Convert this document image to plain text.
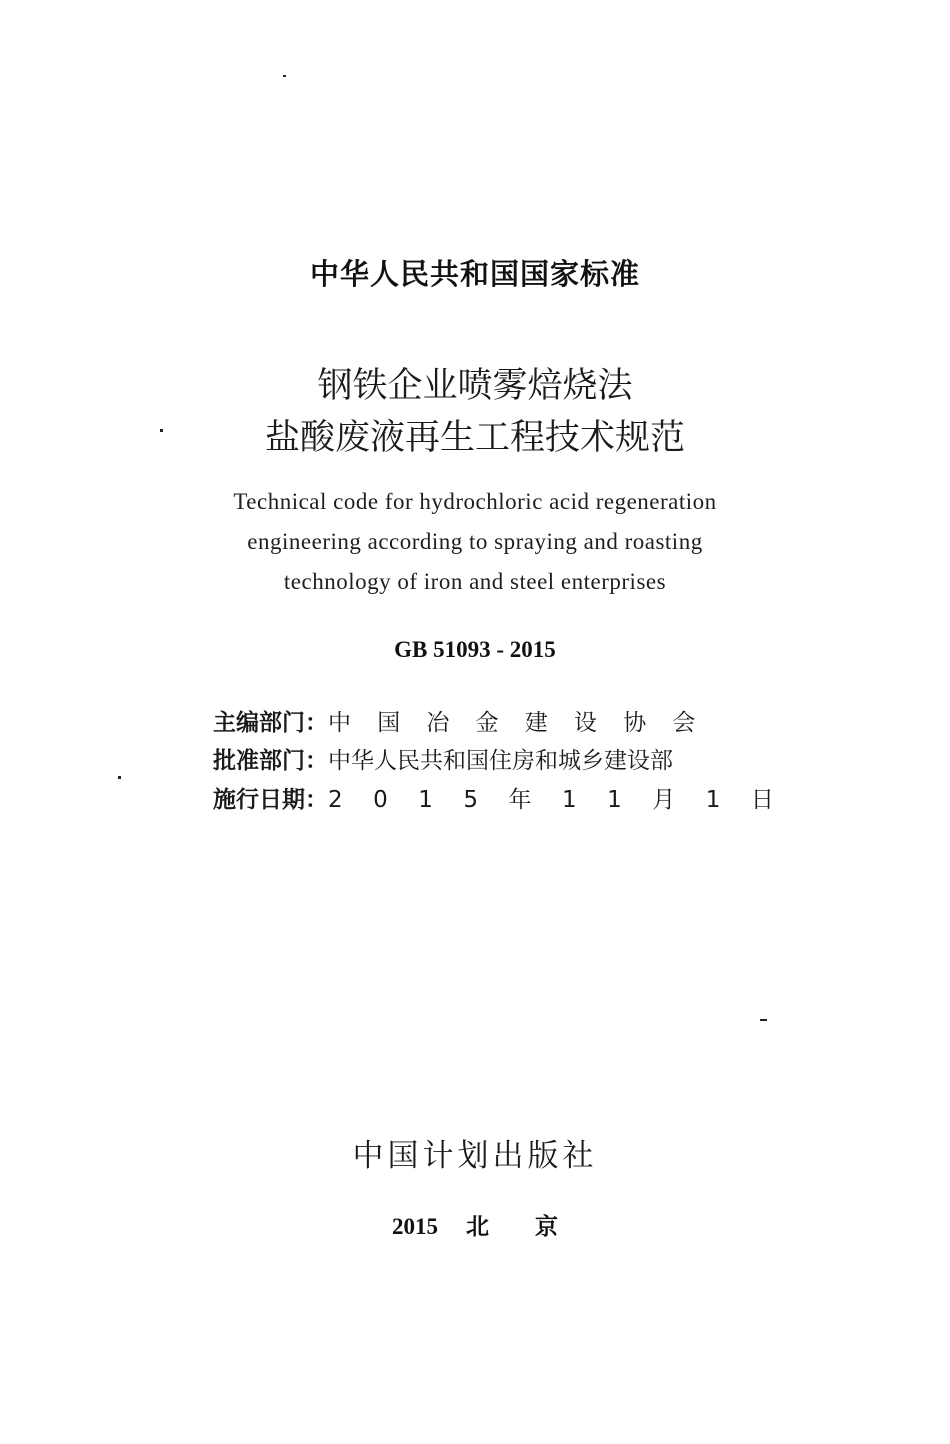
中华人民共和国国家标准
钢铁企业喷雾焙烧法
盐酸废液再生工程技术规范
Technical code for hydrochloric acid regeneration
engineering according to spraying and roasting
technology of iron and steel enterprises
GB 51093 - 2015
主编部门：中国冶金建设协会
批准部门：中华人民共和国住房和城乡建设部
施行日期：2015年11月1日
中国计划出版社
2015 北 京
